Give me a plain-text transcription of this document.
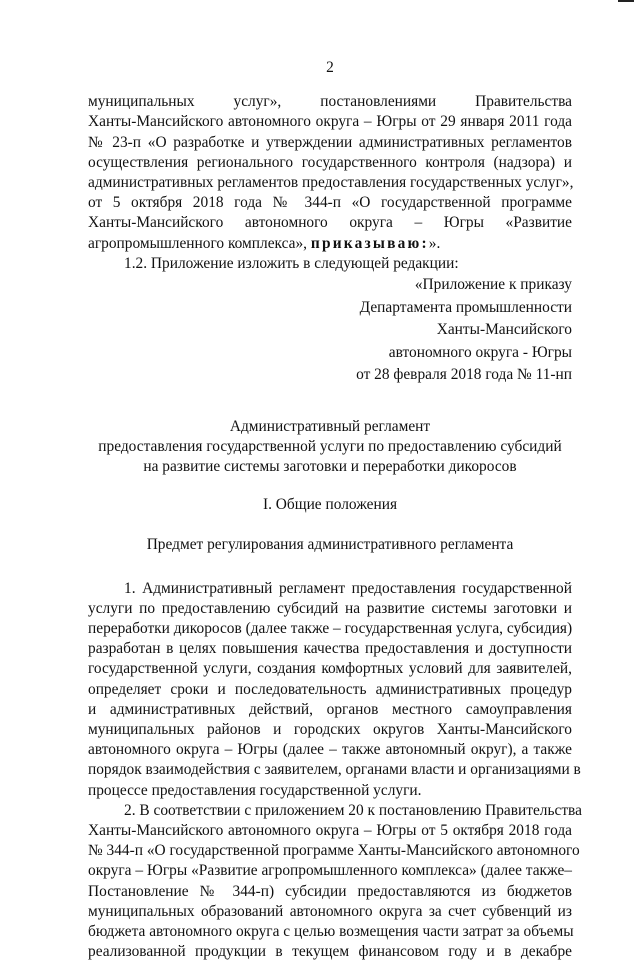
2
муниципальных услуг», постановлениями Правительства
Ханты-Мансийского автономного округа – Югры от 29 января 2011 года
№ 23-п «О разработке и утверждении административных регламентов
осуществления регионального государственного контроля (надзора) и
административных регламентов предоставления государственных услуг»,
от 5 октября 2018 года № 344-п «О государственной программе
Ханты-Мансийского автономного округа – Югры «Развитие
агропромышленного комплекса», приказываю:».
1.2. Приложение изложить в следующей редакции:
«Приложение к приказу
Департамента промышленности
Ханты-Мансийского
автономного округа - Югры
от 28 февраля 2018 года № 11-нп
Административный регламент
предоставления государственной услуги по предоставлению субсидий
на развитие системы заготовки и переработки дикоросов
I. Общие положения
Предмет регулирования административного регламента
1. Административный регламент предоставления государственной
услуги по предоставлению субсидий на развитие системы заготовки и
переработки дикоросов (далее также – государственная услуга, субсидия)
разработан в целях повышения качества предоставления и доступности
государственной услуги, создания комфортных условий для заявителей,
определяет сроки и последовательность административных процедур
и административных действий, органов местного самоуправления
муниципальных районов и городских округов Ханты-Мансийского
автономного округа – Югры (далее – также автономный округ), а также
порядок взаимодействия с заявителем, органами власти и организациями в
процессе предоставления государственной услуги.
2. В соответствии с приложением 20 к постановлению Правительства
Ханты-Мансийского автономного округа – Югры от 5 октября 2018 года
№ 344-п «О государственной программе Ханты-Мансийского автономного
округа – Югры «Развитие агропромышленного комплекса» (далее также–
Постановление № 344-п) субсидии предоставляются из бюджетов
муниципальных образований автономного округа за счет субвенций из
бюджета автономного округа с целью возмещения части затрат за объемы
реализованной продукции в текущем финансовом году и в декабре
